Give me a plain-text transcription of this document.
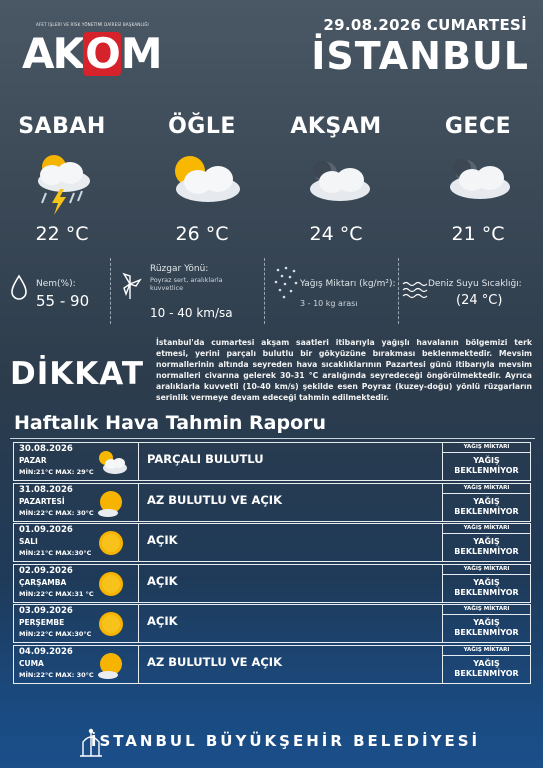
AFET İŞLERİ VE RİSK YÖNETİMİ DAİRESİ BAŞKANLIĞI
AKOM
29.08.2026 CUMARTESİ
İSTANBUL
SABAH
22 °C
ÖĞLE
26 °C
AKŞAM
24 °C
GECE
21 °C
Nem(%):
55 - 90
Rüzgar Yönü:
Poyraz sert, aralıklarla kuvvetlice
10 - 40 km/sa
Yağış Miktarı (kg/m²):
3 - 10 kg arası
Deniz Suyu Sıcaklığı:
(24 °C)
DİKKAT
İstanbul'da cumartesi akşam saatleri itibarıyla yağışlı havalanın bölgemizi terk etmesi, yerini parçalı bulutlu bir gökyüzüne bırakması beklenmektedir. Mevsim normallerinin altında seyreden hava sıcaklıklarının Pazartesi günü itibarıyla mevsim normalleri civarına gelerek 30-31 °C aralığında seyredeceği öngörülmektedir. Ayrıca aralıklarla kuvvetli (10-40 km/s) şekilde esen Poyraz (kuzey-doğu) yönlü rüzgarların serinlik vermeye devam edeceği tahmin edilmektedir.
Haftalık Hava Tahmin Raporu
30.08.2026
PAZAR
MİN:21°C MAX: 29°C
PARÇALI BULUTLU
YAĞIŞ MİKTARI
YAĞIŞ BEKLENMİYOR
31.08.2026
PAZARTESİ
MİN:22°C MAX: 30°C
AZ BULUTLU VE AÇIK
YAĞIŞ MİKTARI
YAĞIŞ BEKLENMİYOR
01.09.2026
SALI
MİN:21°C MAX:30°C
AÇIK
YAĞIŞ MİKTARI
YAĞIŞ BEKLENMİYOR
02.09.2026
ÇARŞAMBA
MİN:22°C MAX:31 °C
AÇIK
YAĞIŞ MİKTARI
YAĞIŞ BEKLENMİYOR
03.09.2026
PERŞEMBE
MİN:22°C MAX:30°C
AÇIK
YAĞIŞ MİKTARI
YAĞIŞ BEKLENMİYOR
04.09.2026
CUMA
MİN:22°C MAX: 30°C
AZ BULUTLU VE AÇIK
YAĞIŞ MİKTARI
YAĞIŞ BEKLENMİYOR
İSTANBUL BÜYÜKŞEHİR BELEDİYESİ
